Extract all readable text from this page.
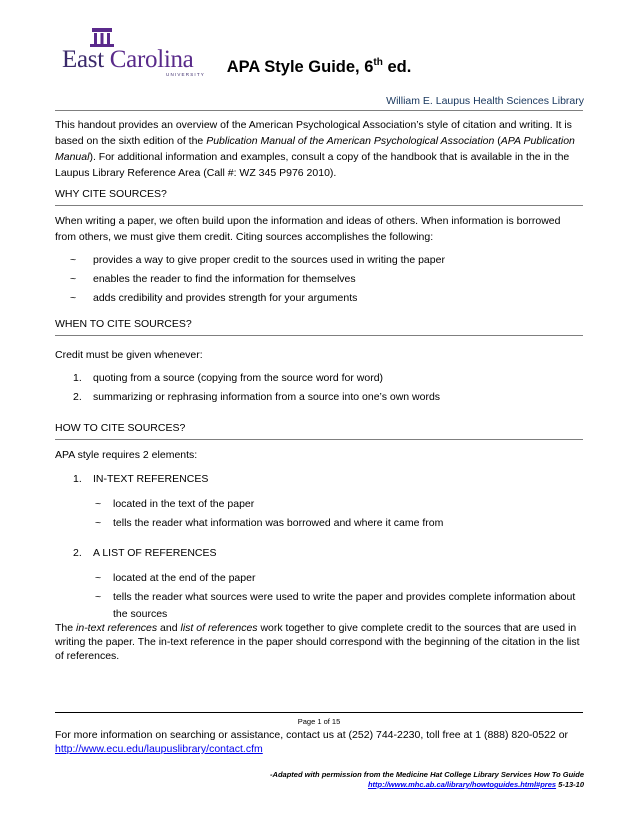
East Carolina
UNIVERSITY	APA Style Guide, 6th ed.
William E. Laupus Health Sciences Library
This handout provides an overview of the American Psychological Association’s style of citation and writing. It is based on the sixth edition of the Publication Manual of the American Psychological Association (APA Publication Manual). For additional information and examples, consult a copy of the handbook that is available in the in the Laupus Library Reference Area (Call #: WZ 345 P976 2010).
WHY CITE SOURCES?
When writing a paper, we often build upon the information and ideas of others. When information is borrowed from others, we must give them credit. Citing sources accomplishes the following:
~ provides a way to give proper credit to the sources used in writing the paper
~ enables the reader to find the information for themselves
~ adds credibility and provides strength for your arguments
WHEN TO CITE SOURCES?
Credit must be given whenever:
1. quoting from a source (copying from the source word for word)
2. summarizing or rephrasing information from a source into one’s own words
HOW TO CITE SOURCES?
APA style requires 2 elements:
1. IN-TEXT REFERENCES
~ located in the text of the paper
~ tells the reader what information was borrowed and where it came from
2. A LIST OF REFERENCES
~ located at the end of the paper
~ tells the reader what sources were used to write the paper and provides complete information about
the sources
The in-text references and list of references work together to give complete credit to the sources that are used in writing the paper. The in-text reference in the paper should correspond with the beginning of the citation in the list of references.
Page 1 of 15
For more information on searching or assistance, contact us at (252) 744-2230, toll free at 1 (888) 820-0522 or
http://www.ecu.edu/laupuslibrary/contact.cfm
-Adapted with permission from the Medicine Hat College Library Services How To Guide
http://www.mhc.ab.ca/library/howtoguides.html#pres 5-13-10
